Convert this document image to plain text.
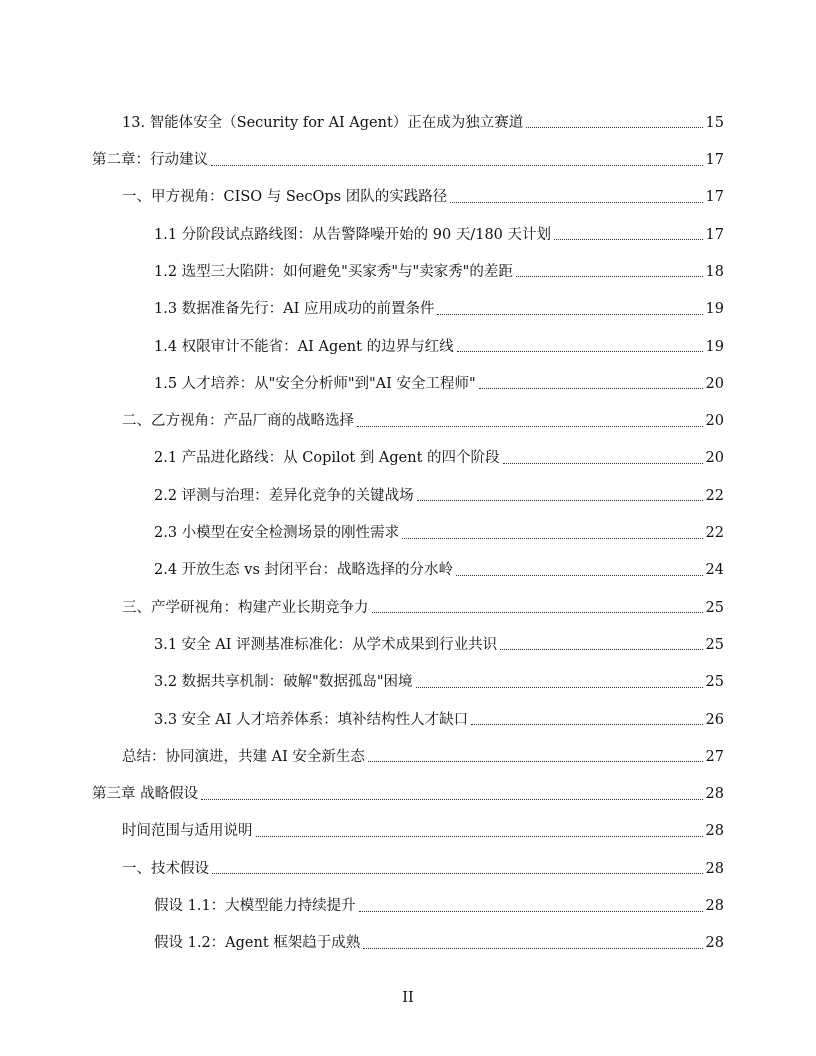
13. 智能体安全（Security for AI Agent）正在成为独立赛道	15
第二章：行动建议	17
一、甲方视角：CISO 与 SecOps 团队的实践路径	17
1.1 分阶段试点路线图：从告警降噪开始的 90 天/180 天计划	17
1.2 选型三大陷阱：如何避免"买家秀"与"卖家秀"的差距	18
1.3 数据准备先行：AI 应用成功的前置条件	19
1.4 权限审计不能省：AI Agent 的边界与红线	19
1.5 人才培养：从"安全分析师"到"AI 安全工程师"	20
二、乙方视角：产品厂商的战略选择	20
2.1 产品进化路线：从 Copilot 到 Agent 的四个阶段	20
2.2 评测与治理：差异化竞争的关键战场	22
2.3 小模型在安全检测场景的刚性需求	22
2.4 开放生态 vs 封闭平台：战略选择的分水岭	24
三、产学研视角：构建产业长期竞争力	25
3.1 安全 AI 评测基准标准化：从学术成果到行业共识	25
3.2 数据共享机制：破解"数据孤岛"困境	25
3.3 安全 AI 人才培养体系：填补结构性人才缺口	26
总结：协同演进，共建 AI 安全新生态	27
第三章 战略假设	28
时间范围与适用说明	28
一、技术假设	28
假设 1.1：大模型能力持续提升	28
假设 1.2：Agent 框架趋于成熟	28
II
